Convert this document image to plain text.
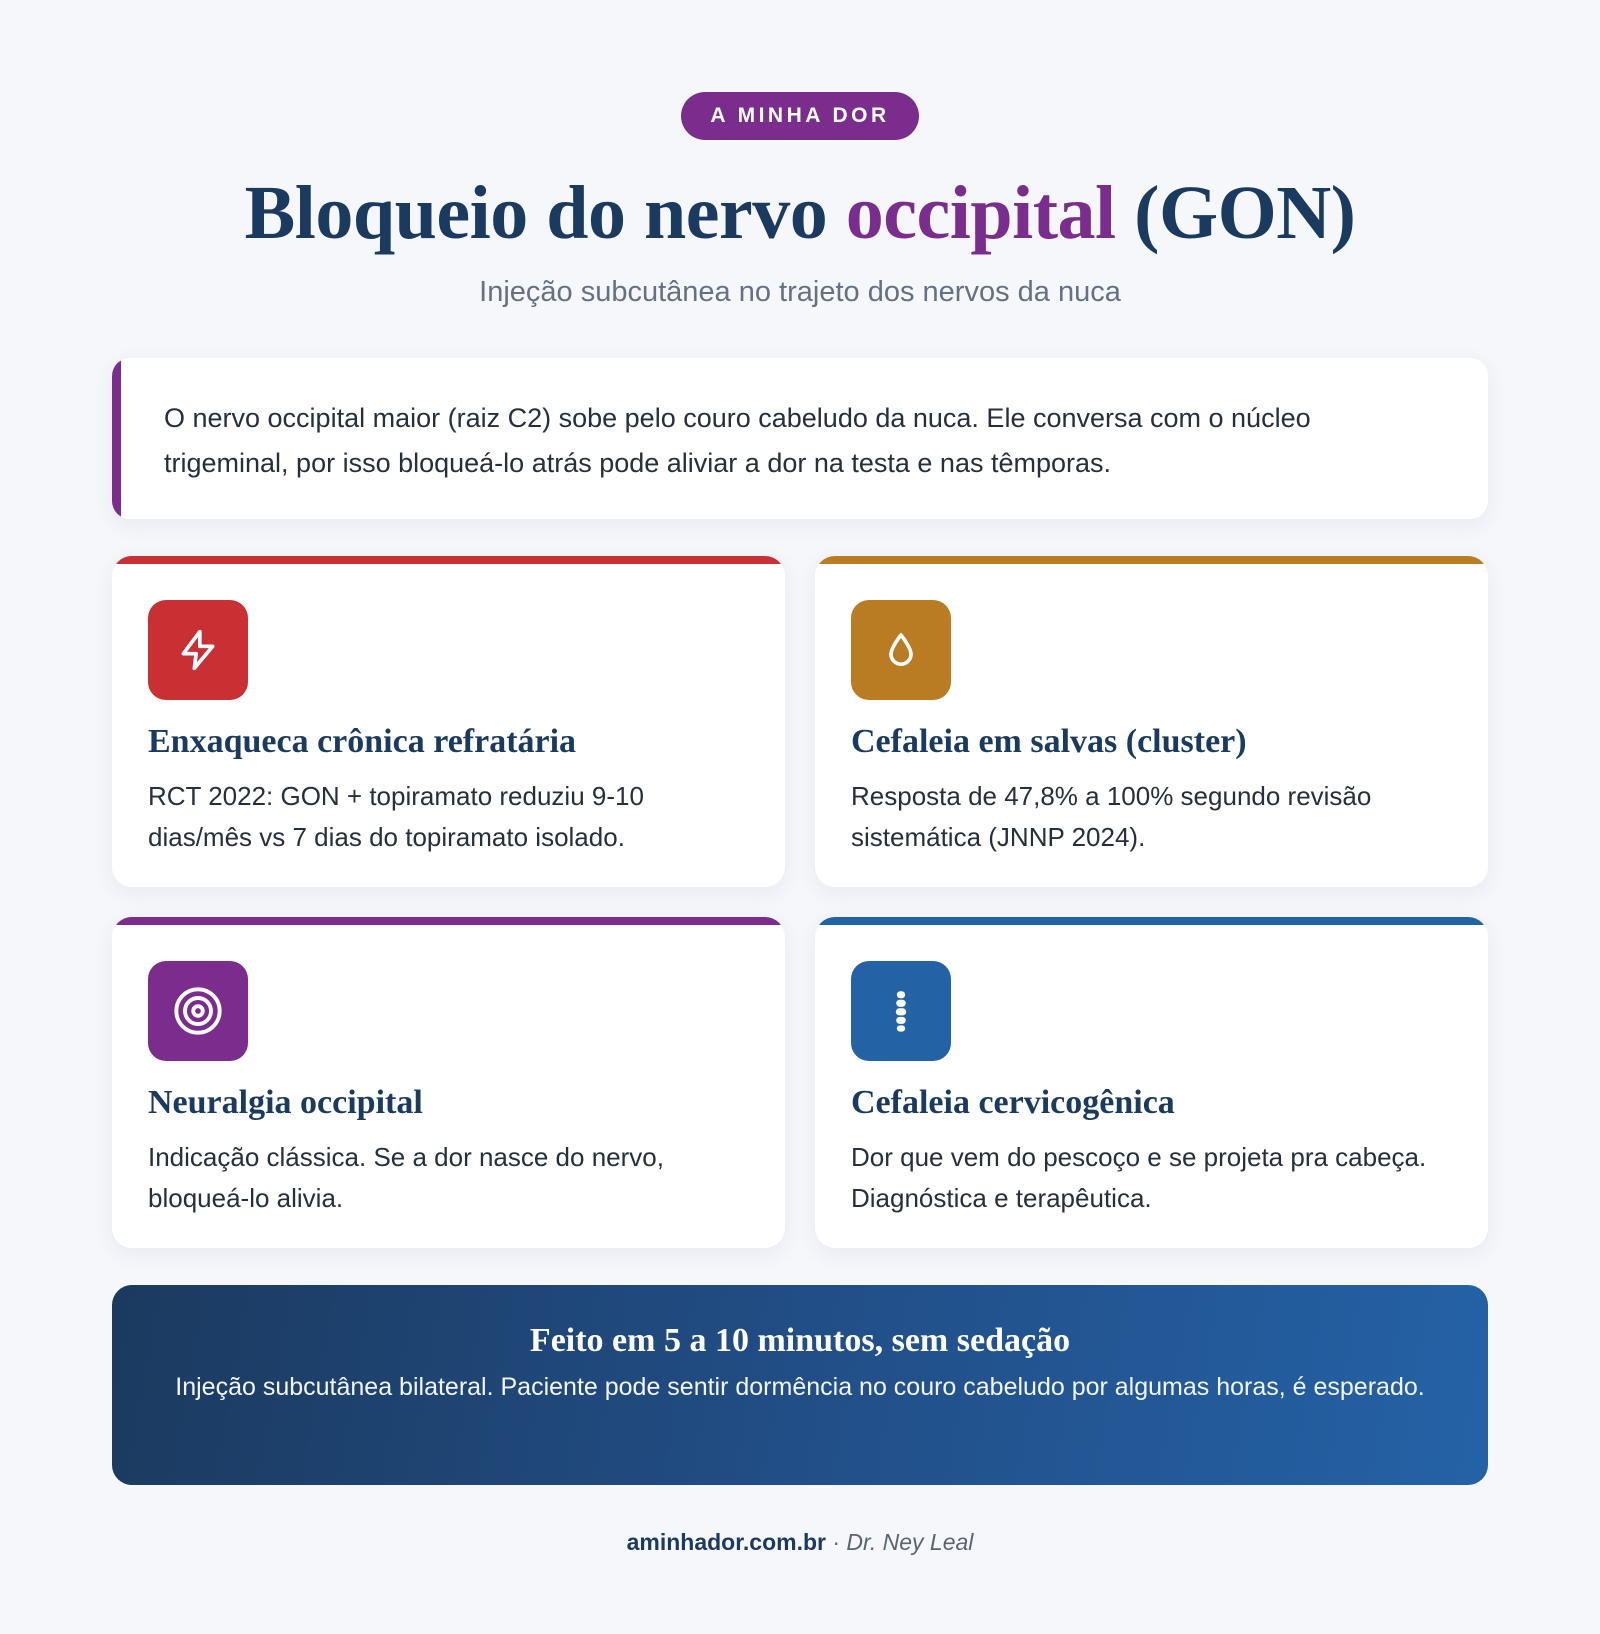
A MINHA DOR
Bloqueio do nervo occipital (GON)
Injeção subcutânea no trajeto dos nervos da nuca

O nervo occipital maior (raiz C2) sobe pelo couro cabeludo da nuca. Ele conversa com o núcleo trigeminal, por isso bloqueá-lo atrás pode aliviar a dor na testa e nas têmporas.

Enxaqueca crônica refratária

RCT 2022: GON + topiramato reduziu 9-10 dias/mês vs 7 dias do topiramato isolado.

Cefaleia em salvas (cluster)

Resposta de 47,8% a 100% segundo revisão sistemática (JNNP 2024).

Neuralgia occipital

Indicação clássica. Se a dor nasce do nervo, bloqueá-lo alivia.

Cefaleia cervicogênica

Dor que vem do pescoço e se projeta pra cabeça. Diagnóstica e terapêutica.

Feito em 5 a 10 minutos, sem sedação

Injeção subcutânea bilateral. Paciente pode sentir dormência no couro cabeludo por algumas horas, é esperado.

aminhador.com.br · Dr. Ney Leal
